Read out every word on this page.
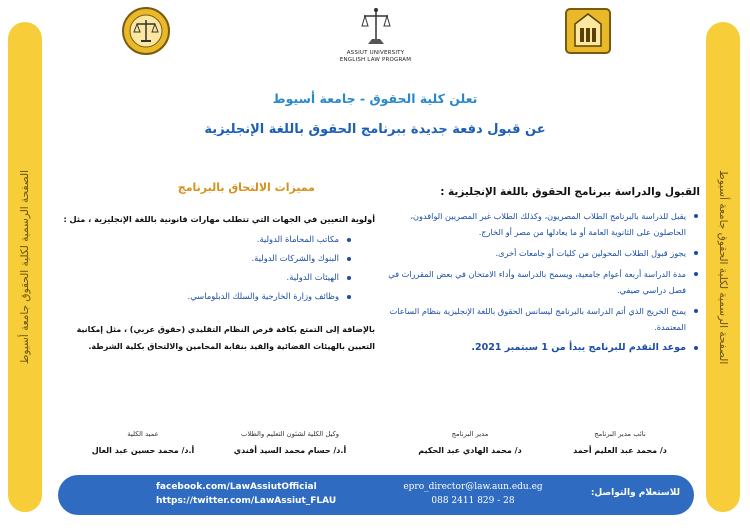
الصفحة الرسمية لكلية الحقوق جامعة أسيوط	الصفحة الرسمية لكلية الحقوق جامعة أسيوط
ASSIUT UNIVERSITY
ENGLISH LAW PROGRAM
تعلن كلية الحقوق - جامعة أسيوط
عن قبول دفعة جديدة ببرنامج الحقوق باللغة الإنجليزية
القبول والدراسة ببرنامج الحقوق باللغة الإنجليزية :
يقبل للدراسة بالبرنامج الطلاب المصريون، وكذلك الطلاب غير المصريين الوافدون، الحاصلون على الثانوية العامة أو ما يعادلها من مصر أو الخارج.
يجوز قبول الطلاب المحولين من كليات أو جامعات أخرى.
مدة الدراسة أربعة أعوام جامعية، ويسمح بالدراسة وأداء الامتحان في بعض المقررات في فصل دراسي صيفي.
يمنح الخريج الذي أتم الدراسة بالبرنامج ليسانس الحقوق باللغة الإنجليزية بنظام الساعات المعتمدة.
موعد التقدم للبرنامج يبدأ من 1 سبتمبر 2021.
مميزات الالتحاق بالبرنامج
أولوية التعيين في الجهات التي تتطلب مهارات قانونية باللغة الإنجليزية ، مثل :
مكاتب المحاماة الدولية.
البنوك والشركات الدولية.
الهيئات الدولية.
وظائف وزارة الخارجية والسلك الدبلوماسي.
بالإضافة إلى التمتع بكافة فرص النظام التقليدي (حقوق عربي) ، مثل إمكانية التعيين بالهيئات القضائية والقيد بنقابة المحامين والالتحاق بكلية الشرطة.
نائب مدير البرنامج
د/ محمد عبد العليم أحمد
مدير البرنامج
د/ محمد الهادي عبد الحكيم
وكيل الكلية لشئون التعليم والطلاب
أ.د/ حسام محمد السيد أفندي
عميد الكلية
أ.د/ محمد حسين عبد العال
facebook.com/LawAssiutOfficial
https://twitter.com/LawAssiut_FLAU
epro_director@law.aun.edu.eg
088 2411 829 - 28
للاستعلام والتواصل:
